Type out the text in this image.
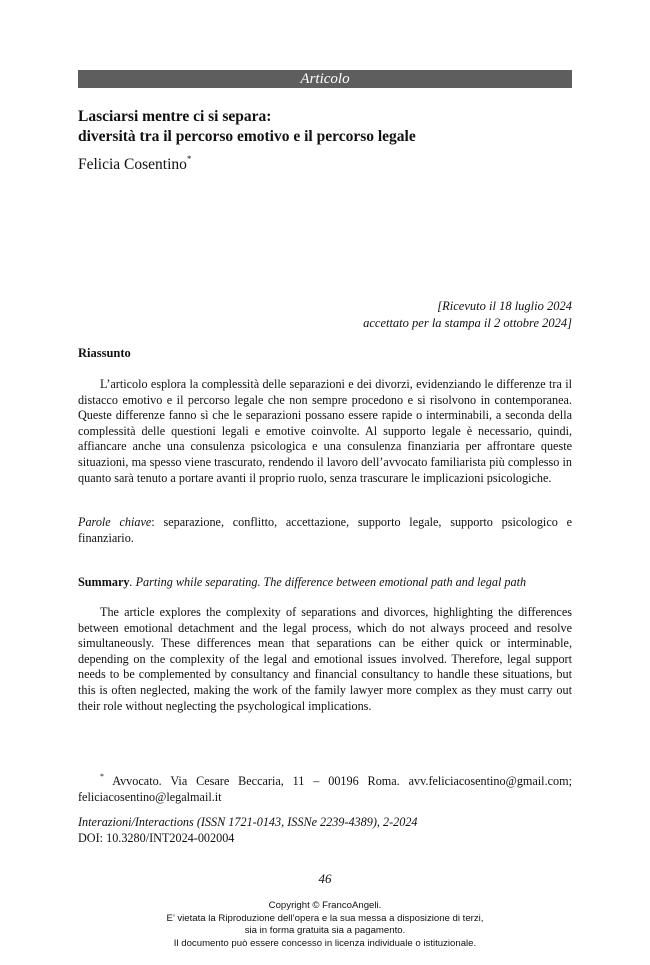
Articolo
Lasciarsi mentre ci si separa:
diversità tra il percorso emotivo e il percorso legale
Felicia Cosentino*
[Ricevuto il 18 luglio 2024
accettato per la stampa il 2 ottobre 2024]
Riassunto

L’articolo esplora la complessità delle separazioni e dei divorzi, evidenziando le differenze tra il distacco emotivo e il percorso legale che non sempre procedono e si risolvono in contemporanea. Queste differenze fanno sì che le separazioni possano essere rapide o interminabili, a seconda della complessità delle questioni legali e emotive coinvolte. Al supporto legale è necessario, quindi, affiancare anche una consulenza psicologica e una consulenza finanziaria per affrontare queste situazioni, ma spesso viene trascurato, rendendo il lavoro dell’avvocato familiarista più complesso in quanto sarà tenuto a portare avanti il proprio ruolo, senza trascurare le implicazioni psicologiche.

Parole chiave: separazione, conflitto, accettazione, supporto legale, supporto psicologico e finanziario.

Summary. Parting while separating. The difference between emotional path and legal path

The article explores the complexity of separations and divorces, highlighting the differences between emotional detachment and the legal process, which do not always proceed and resolve simultaneously. These differences mean that separations can be either quick or interminable, depending on the complexity of the legal and emotional issues involved. Therefore, legal support needs to be complemented by consultancy and financial consultancy to handle these situations, but this is often neglected, making the work of the family lawyer more complex as they must carry out their role without neglecting the psychological implications.

* Avvocato. Via Cesare Beccaria, 11 – 00196 Roma. avv.feliciacosentino@gmail.com; feliciacosentino@legalmail.it

Interazioni/Interactions (ISSN 1721-0143, ISSNe 2239-4389), 2-2024
DOI: 10.3280/INT2024-002004

46
Copyright © FrancoAngeli.
E’ vietata la Riproduzione dell’opera e la sua messa a disposizione di terzi,
sia in forma gratuita sia a pagamento.
Il documento può essere concesso in licenza individuale o istituzionale.
